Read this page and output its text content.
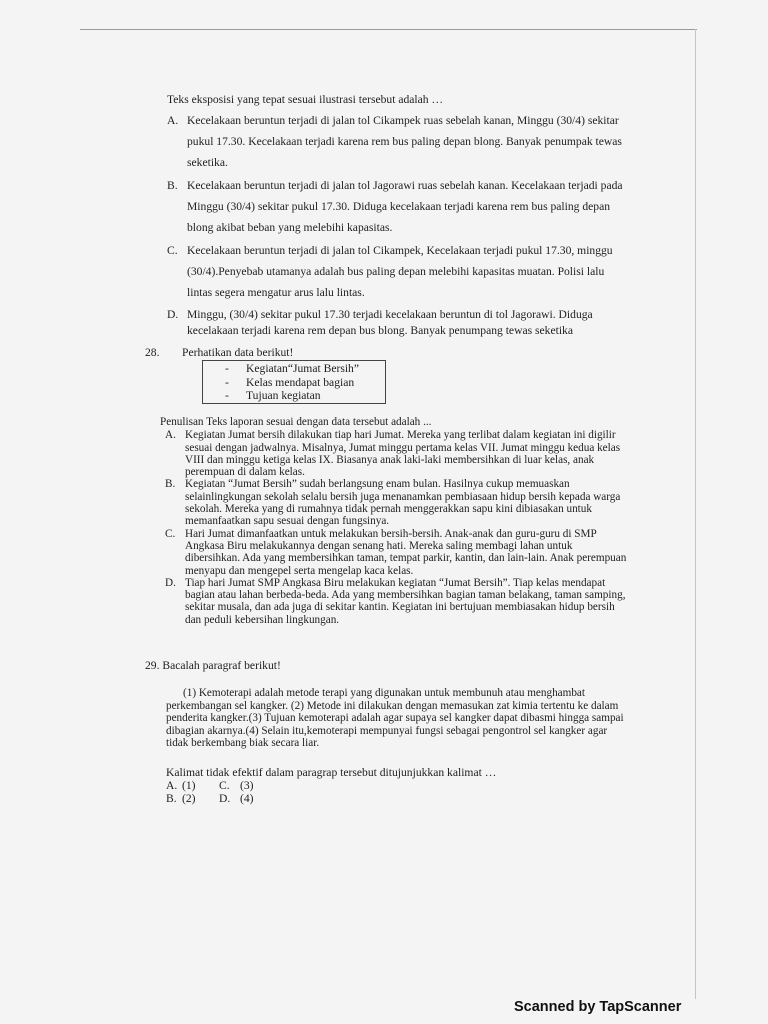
Teks eksposisi yang tepat sesuai ilustrasi tersebut adalah …

A. Kecelakaan beruntun terjadi di jalan tol Cikampek ruas sebelah kanan, Minggu (30/4) sekitar pukul 17.30. Kecelakaan terjadi karena rem bus paling depan blong. Banyak penumpak tewas seketika.
B. Kecelakaan beruntun terjadi di jalan tol Jagorawi ruas sebelah kanan. Kecelakaan terjadi pada Minggu (30/4) sekitar pukul 17.30. Diduga kecelakaan terjadi karena rem bus paling depan blong akibat beban yang melebihi kapasitas.
C. Kecelakaan beruntun terjadi di jalan tol Cikampek, Kecelakaan terjadi pukul 17.30, minggu (30/4).Penyebab utamanya adalah bus paling depan melebihi kapasitas muatan. Polisi lalu lintas segera mengatur arus lalu lintas.
D. Minggu, (30/4) sekitar pukul 17.30 terjadi kecelakaan beruntun di tol Jagorawi. Diduga kecelakaan terjadi karena rem depan bus blong. Banyak penumpang tewas seketika
28. Perhatikan data berikut!
- Kegiatan“Jumat Bersih”
- Kelas mendapat bagian
- Tujuan kegiatan

Penulisan Teks laporan sesuai dengan data tersebut adalah ...

A. Kegiatan Jumat bersih dilakukan tiap hari Jumat. Mereka yang terlibat dalam kegiatan ini digilir sesuai dengan jadwalnya. Misalnya, Jumat minggu pertama kelas VII. Jumat minggu kedua kelas VIII dan minggu ketiga kelas IX. Biasanya anak laki-laki membersihkan di luar kelas, anak perempuan di dalam kelas.
B. Kegiatan “Jumat Bersih” sudah berlangsung enam bulan. Hasilnya cukup memuaskan selainlingkungan sekolah selalu bersih juga menanamkan pembiasaan hidup bersih kepada warga sekolah. Mereka yang di rumahnya tidak pernah menggerakkan sapu kini dibiasakan untuk memanfaatkan sapu sesuai dengan fungsinya.
C. Hari Jumat dimanfaatkan untuk melakukan bersih-bersih. Anak-anak dan guru-guru di SMP Angkasa Biru melakukannya dengan senang hati. Mereka saling membagi lahan untuk dibersihkan. Ada yang membersihkan taman, tempat parkir, kantin, dan lain-lain. Anak perempuan menyapu dan mengepel serta mengelap kaca kelas.
D. Tiap hari Jumat SMP Angkasa Biru melakukan kegiatan “Jumat Bersih”. Tiap kelas mendapat bagian atau lahan berbeda-beda. Ada yang membersihkan bagian taman belakang, taman samping, sekitar musala, dan ada juga di sekitar kantin. Kegiatan ini bertujuan membiasakan hidup bersih dan peduli kebersihan lingkungan.
29. Bacalah paragraf berikut!

(1) Kemoterapi adalah metode terapi yang digunakan untuk membunuh atau menghambat perkembangan sel kangker. (2) Metode ini dilakukan dengan memasukan zat kimia tertentu ke dalam penderita kangker.(3) Tujuan kemoterapi adalah agar supaya sel kangker dapat dibasmi hingga sampai dibagian akarnya.(4) Selain itu,kemoterapi mempunyai fungsi sebagai pengontrol sel kangker agar tidak berkembang biak secara liar.

Kalimat tidak efektif dalam paragrap tersebut ditujunjukkan kalimat …

A. (1) C. (3)
B. (2) D. (4)
Scanned by TapScanner
